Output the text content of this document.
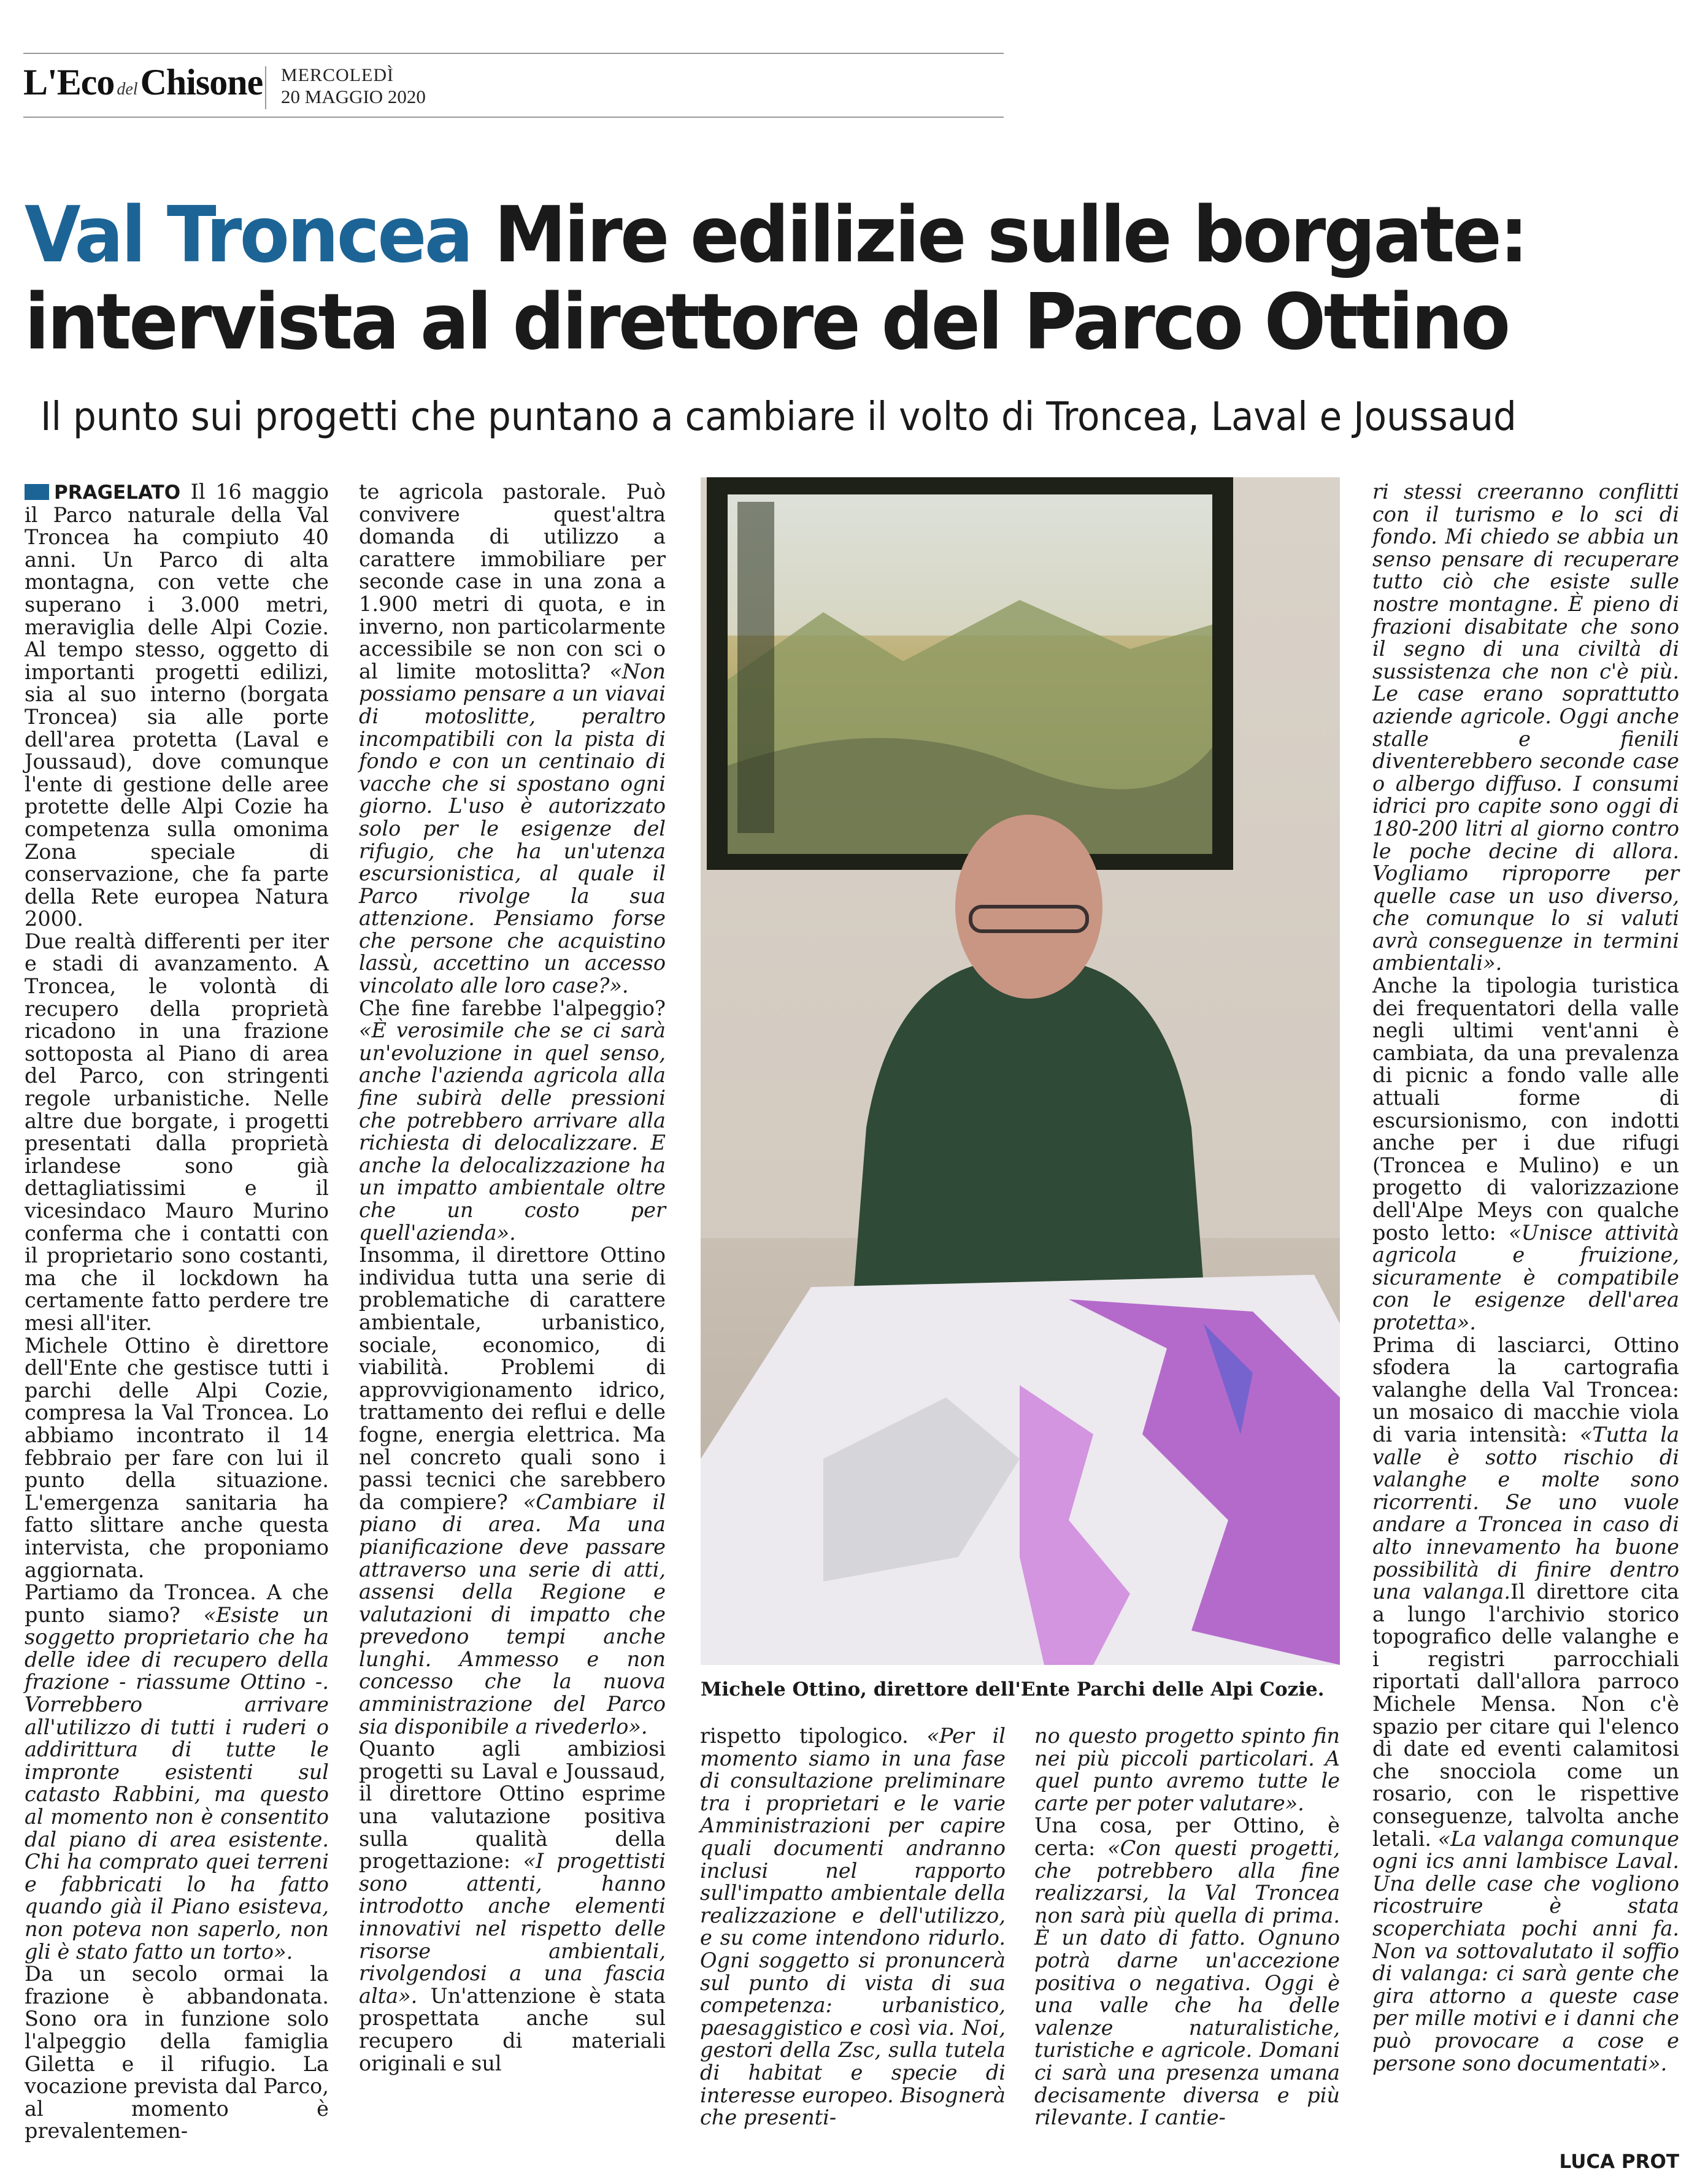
L'Eco del Chisone MERCOLEDÌ
20 MAGGIO 2020
Val Troncea Mire edilizie sulle borgate:
intervista al direttore del Parco Ottino
Il punto sui progetti che puntano a cambiare il volto di Troncea, Laval e Joussaud

PRAGELATO Il 16 maggio il Parco naturale della Val Troncea ha compiuto 40 anni. Un Parco di alta montagna, con vette che superano i 3.000 metri, meraviglia delle Alpi Cozie. Al tempo stesso, oggetto di importanti progetti edilizi, sia al suo interno (borgata Troncea) sia alle porte dell'area protetta (Laval e Joussaud), dove comunque l'ente di gestione delle aree protette delle Alpi Cozie ha competenza sulla omonima Zona speciale di conservazione, che fa parte della Rete europea Natura 2000.

Due realtà differenti per iter e stadi di avanzamento. A Troncea, le volontà di recupero della proprietà ricadono in una frazione sottoposta al Piano di area del Parco, con stringenti regole urbanistiche. Nelle altre due borgate, i progetti presentati dalla proprietà irlandese sono già dettagliatissimi e il vicesindaco Mauro Murino conferma che i contatti con il proprietario sono costanti, ma che il lockdown ha certamente fatto perdere tre mesi all'iter.

Michele Ottino è direttore dell'Ente che gestisce tutti i parchi delle Alpi Cozie, compresa la Val Troncea. Lo abbiamo incontrato il 14 febbraio per fare con lui il punto della situazione. L'emergenza sanitaria ha fatto slittare anche questa intervista, che proponiamo aggiornata.

Partiamo da Troncea. A che punto siamo? «Esiste un soggetto proprietario che ha delle idee di recupero della frazione - riassume Ottino -. Vorrebbero arrivare all'utilizzo di tutti i ruderi o addirittura di tutte le impronte esistenti sul catasto Rabbini, ma questo al momento non è consentito dal piano di area esistente. Chi ha comprato quei terreni e fabbricati lo ha fatto quando già il Piano esisteva, non poteva non saperlo, non gli è stato fatto un torto».

Da un secolo ormai la frazione è abbandonata. Sono ora in funzione solo l'alpeggio della famiglia Giletta e il rifugio. La vocazione prevista dal Parco, al momento è prevalentemen-

te agricola pastorale. Può convivere quest'altra domanda di utilizzo a carattere immobiliare per seconde case in una zona a 1.900 metri di quota, e in inverno, non particolarmente accessibile se non con sci o al limite motoslitta? «Non possiamo pensare a un viavai di motoslitte, peraltro incompatibili con la pista di fondo e con un centinaio di vacche che si spostano ogni giorno. L'uso è autorizzato solo per le esigenze del rifugio, che ha un'utenza escursionistica, al quale il Parco rivolge la sua attenzione. Pensiamo forse che persone che acquistino lassù, accettino un accesso vincolato alle loro case?».

Che fine farebbe l'alpeggio? «È verosimile che se ci sarà un'evoluzione in quel senso, anche l'azienda agricola alla fine subirà delle pressioni che potrebbero arrivare alla richiesta di delocalizzare. E anche la delocalizzazione ha un impatto ambientale oltre che un costo per quell'azienda».

Insomma, il direttore Ottino individua tutta una serie di problematiche di carattere ambientale, urbanistico, sociale, economico, di viabilità. Problemi di approvvigionamento idrico, trattamento dei reflui e delle fogne, energia elettrica. Ma nel concreto quali sono i passi tecnici che sarebbero da compiere? «Cambiare il piano di area. Ma una pianificazione deve passare attraverso una serie di atti, assensi della Regione e valutazioni di impatto che prevedono tempi anche lunghi. Ammesso e non concesso che la nuova amministrazione del Parco sia disponibile a rivederlo».

Quanto agli ambiziosi progetti su Laval e Joussaud, il direttore Ottino esprime una valutazione positiva sulla qualità della progettazione: «I progettisti sono attenti, hanno introdotto anche elementi innovativi nel rispetto delle risorse ambientali, rivolgendosi a una fascia alta». Un'attenzione è stata prospettata anche sul recupero di materiali originali e sul

Michele Ottino, direttore dell'Ente Parchi delle Alpi Cozie.

rispetto tipologico. «Per il momento siamo in una fase di consultazione preliminare tra i proprietari e le varie Amministrazioni per capire quali documenti andranno inclusi nel rapporto sull'impatto ambientale della realizzazione e dell'utilizzo, e su come intendono ridurlo. Ogni soggetto si pronuncerà sul punto di vista di sua competenza: urbanistico, paesaggistico e così via. Noi, gestori della Zsc, sulla tutela di habitat e specie di interesse europeo. Bisognerà che presenti-

no questo progetto spinto fin nei più piccoli particolari. A quel punto avremo tutte le carte per poter valutare».

Una cosa, per Ottino, è certa: «Con questi progetti, che potrebbero alla fine realizzarsi, la Val Troncea non sarà più quella di prima. È un dato di fatto. Ognuno potrà darne un'accezione positiva o negativa. Oggi è una valle che ha delle valenze naturalistiche, turistiche e agricole. Domani ci sarà una presenza umana decisamente diversa e più rilevante. I cantie-

ri stessi creeranno conflitti con il turismo e lo sci di fondo. Mi chiedo se abbia un senso pensare di recuperare tutto ciò che esiste sulle nostre montagne. È pieno di frazioni disabitate che sono il segno di una civiltà di sussistenza che non c'è più. Le case erano soprattutto aziende agricole. Oggi anche stalle e fienili diventerebbero seconde case o albergo diffuso. I consumi idrici pro capite sono oggi di 180-200 litri al giorno contro le poche decine di allora. Vogliamo riproporre per quelle case un uso diverso, che comunque lo si valuti avrà conseguenze in termini ambientali».

Anche la tipologia turistica dei frequentatori della valle negli ultimi vent'anni è cambiata, da una prevalenza di picnic a fondo valle alle attuali forme di escursionismo, con indotti anche per i due rifugi (Troncea e Mulino) e un progetto di valorizzazione dell'Alpe Meys con qualche posto letto: «Unisce attività agricola e fruizione, sicuramente è compatibile con le esigenze dell'area protetta».

Prima di lasciarci, Ottino sfodera la cartografia valanghe della Val Troncea: un mosaico di macchie viola di varia intensità: «Tutta la valle è sotto rischio di valanghe e molte sono ricorrenti. Se uno vuole andare a Troncea in caso di alto innevamento ha buone possibilità di finire dentro una valanga.Il direttore cita a lungo l'archivio storico topografico delle valanghe e i registri parrocchiali riportati dall'allora parroco Michele Mensa. Non c'è spazio per citare qui l'elenco di date ed eventi calamitosi che snocciola come un rosario, con le rispettive conseguenze, talvolta anche letali. «La valanga comunque ogni ics anni lambisce Laval. Una delle case che vogliono ricostruire è stata scoperchiata pochi anni fa. Non va sottovalutato il soffio di valanga: ci sarà gente che gira attorno a queste case per mille motivi e i danni che può provocare a cose e persone sono documentati».

LUCA PROT
